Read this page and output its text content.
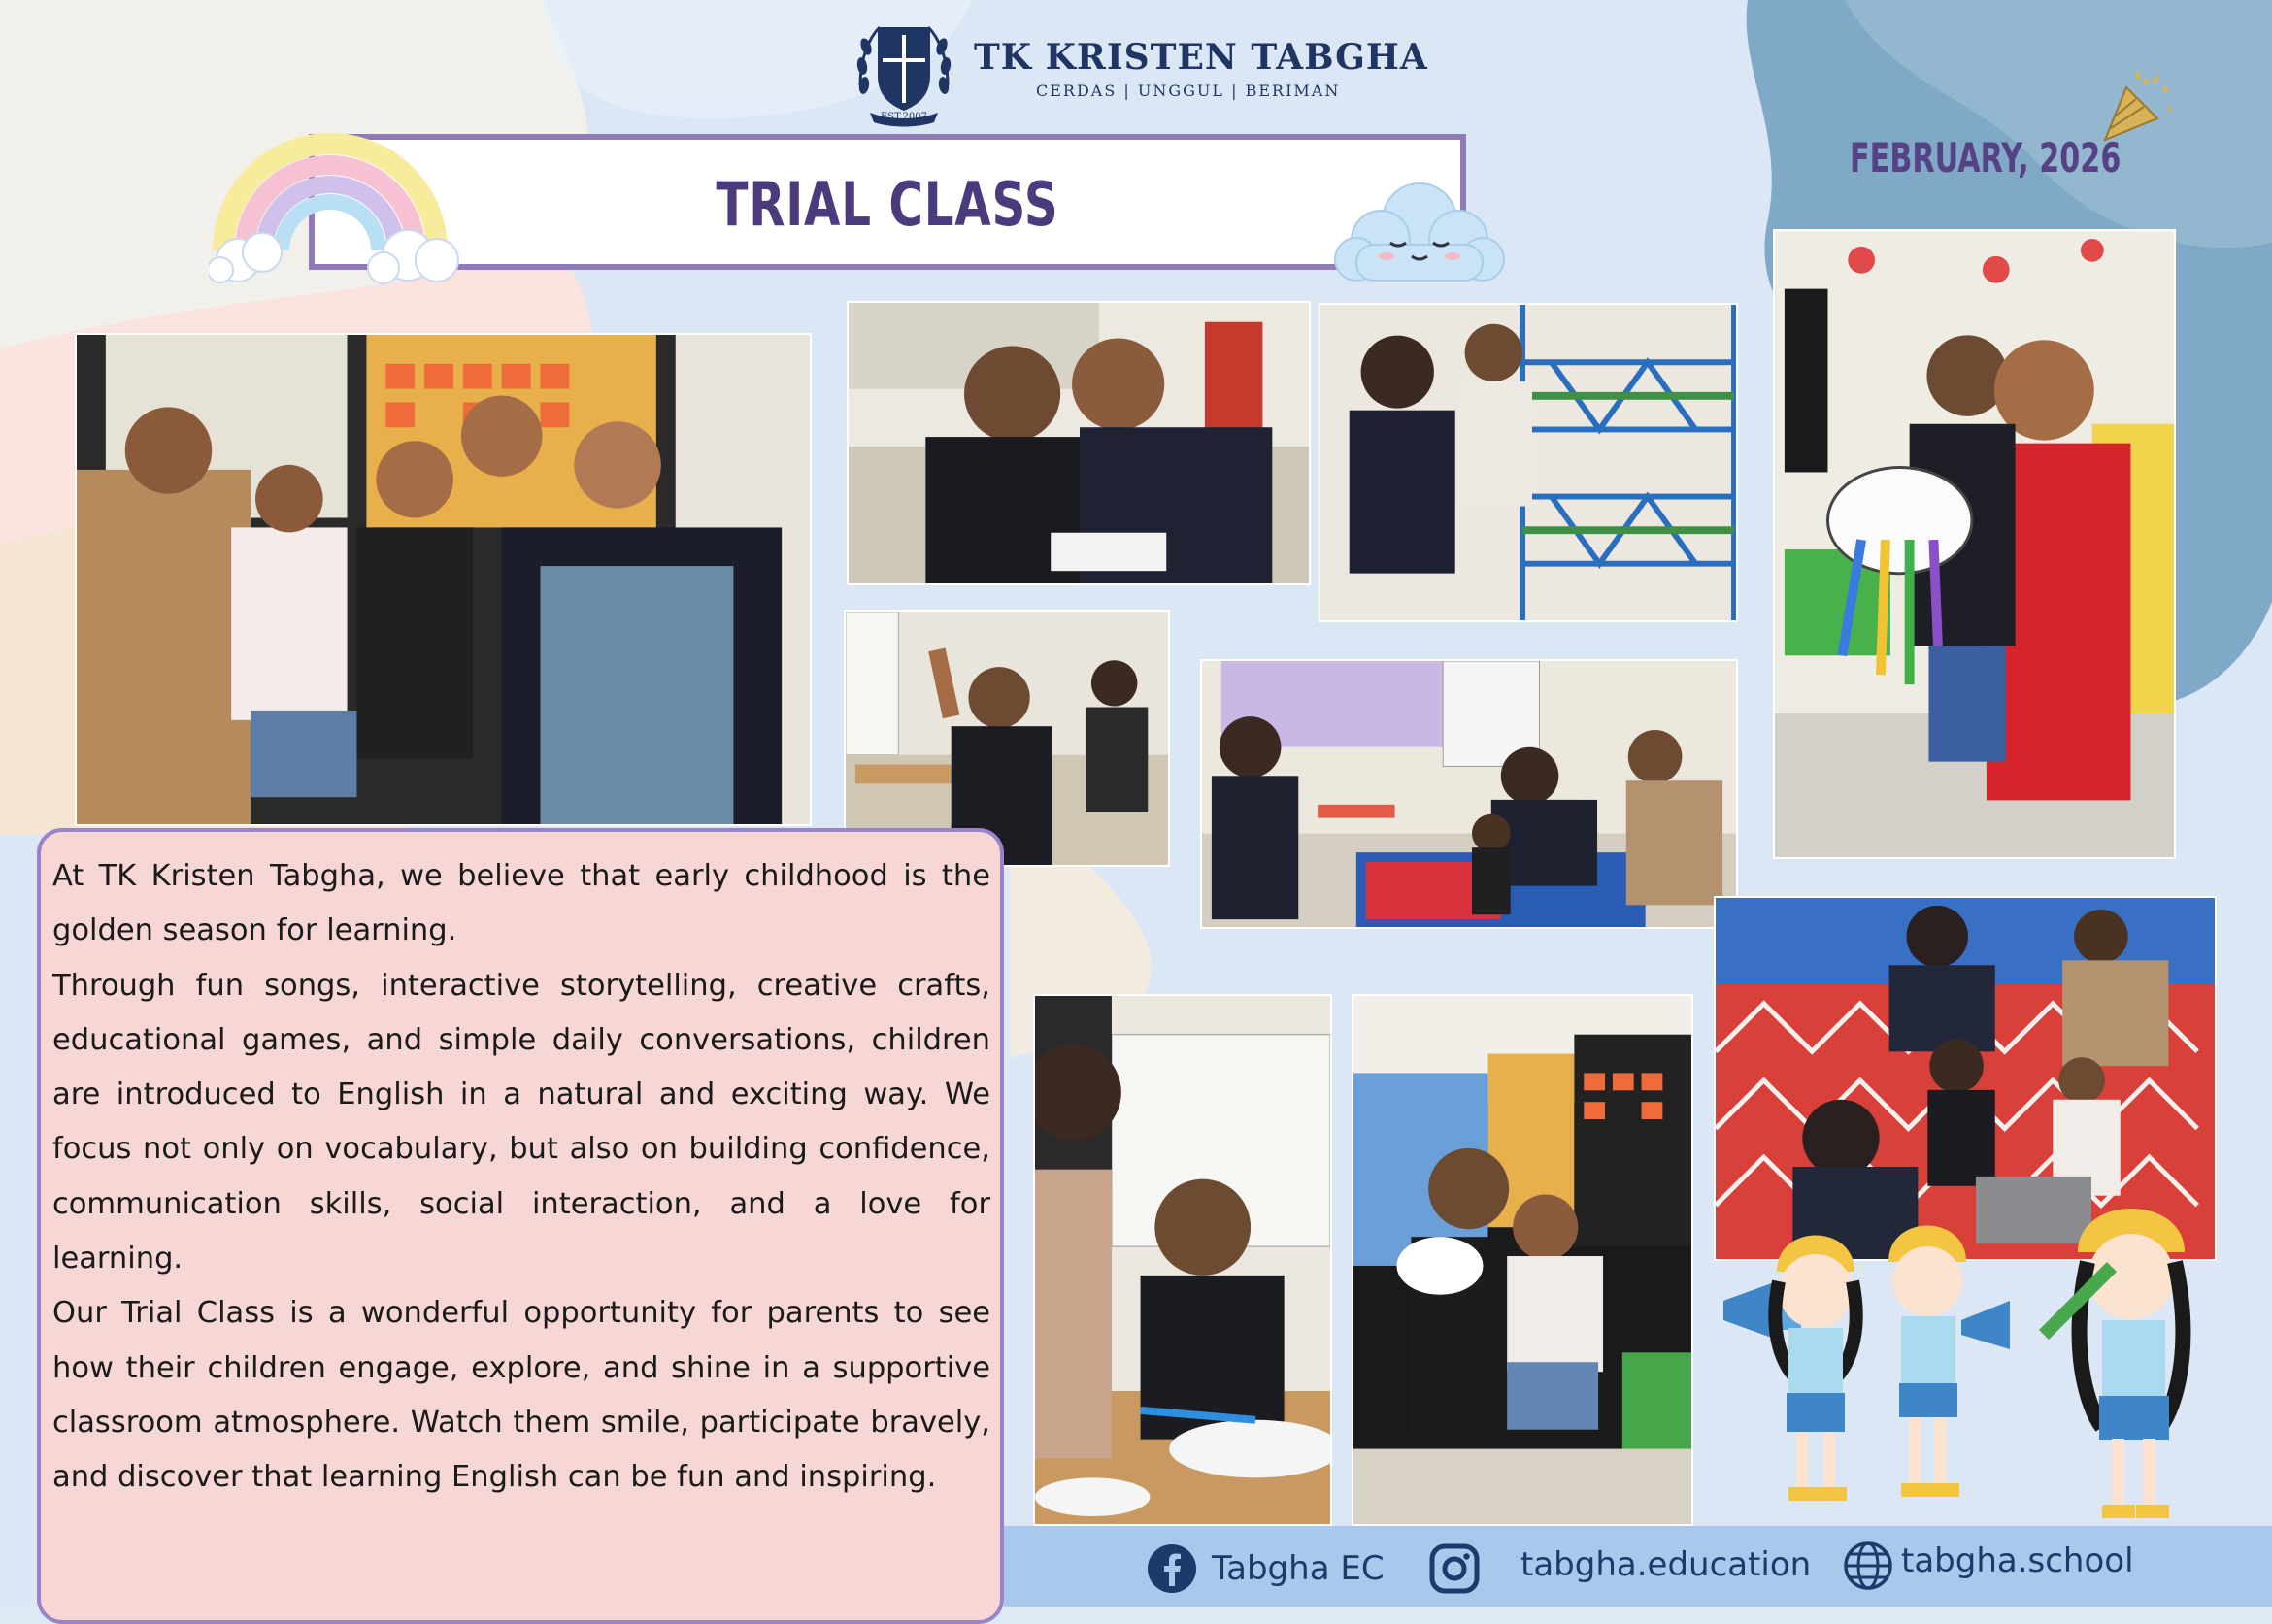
EST.2007
TK KRISTEN TABGHA
CERDAS | UNGGUL | BERIMAN
TRIAL CLASS
FEBRUARY, 2026

At TK Kristen Tabgha, we believe that early childhood is the golden season for learning.

Through fun songs, interactive storytelling, creative crafts, educational games, and simple daily conversations, children are introduced to English in a natural and exciting way. We focus not only on vocabulary, but also on building confidence, communication skills, social interaction, and a love for learning.

Our Trial Class is a wonderful opportunity for parents to see how their children engage, explore, and shine in a supportive classroom atmosphere. Watch them smile, participate bravely, and discover that learning English can be fun and inspiring.

Tabgha EC	tabgha.education	tabgha.school
